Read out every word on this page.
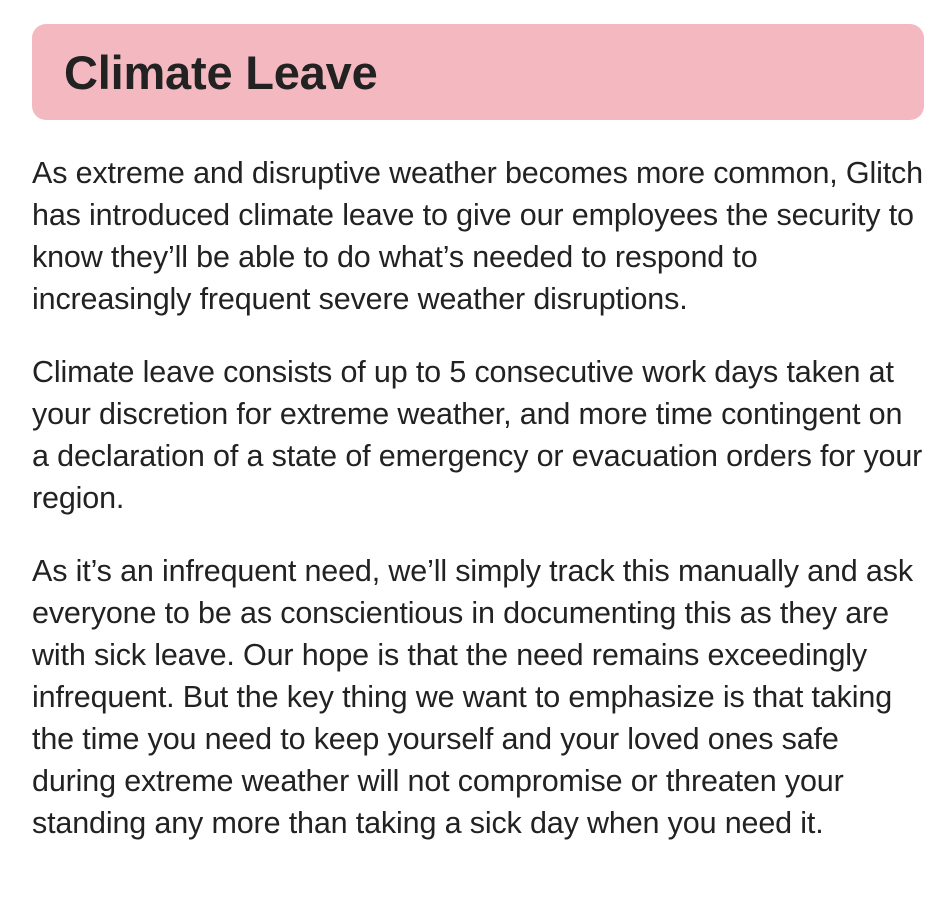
Climate Leave

As extreme and disruptive weather becomes more common, Glitch has introduced climate leave to give our employees the security to know they’ll be able to do what’s needed to respond to increasingly frequent severe weather disruptions.

Climate leave consists of up to 5 consecutive work days taken at your discretion for extreme weather, and more time contingent on a declaration of a state of emergency or evacuation orders for your region.

As it’s an infrequent need, we’ll simply track this manually and ask everyone to be as conscientious in documenting this as they are with sick leave. Our hope is that the need remains exceedingly infrequent. But the key thing we want to emphasize is that taking the time you need to keep yourself and your loved ones safe during extreme weather will not compromise or threaten your standing any more than taking a sick day when you need it.
